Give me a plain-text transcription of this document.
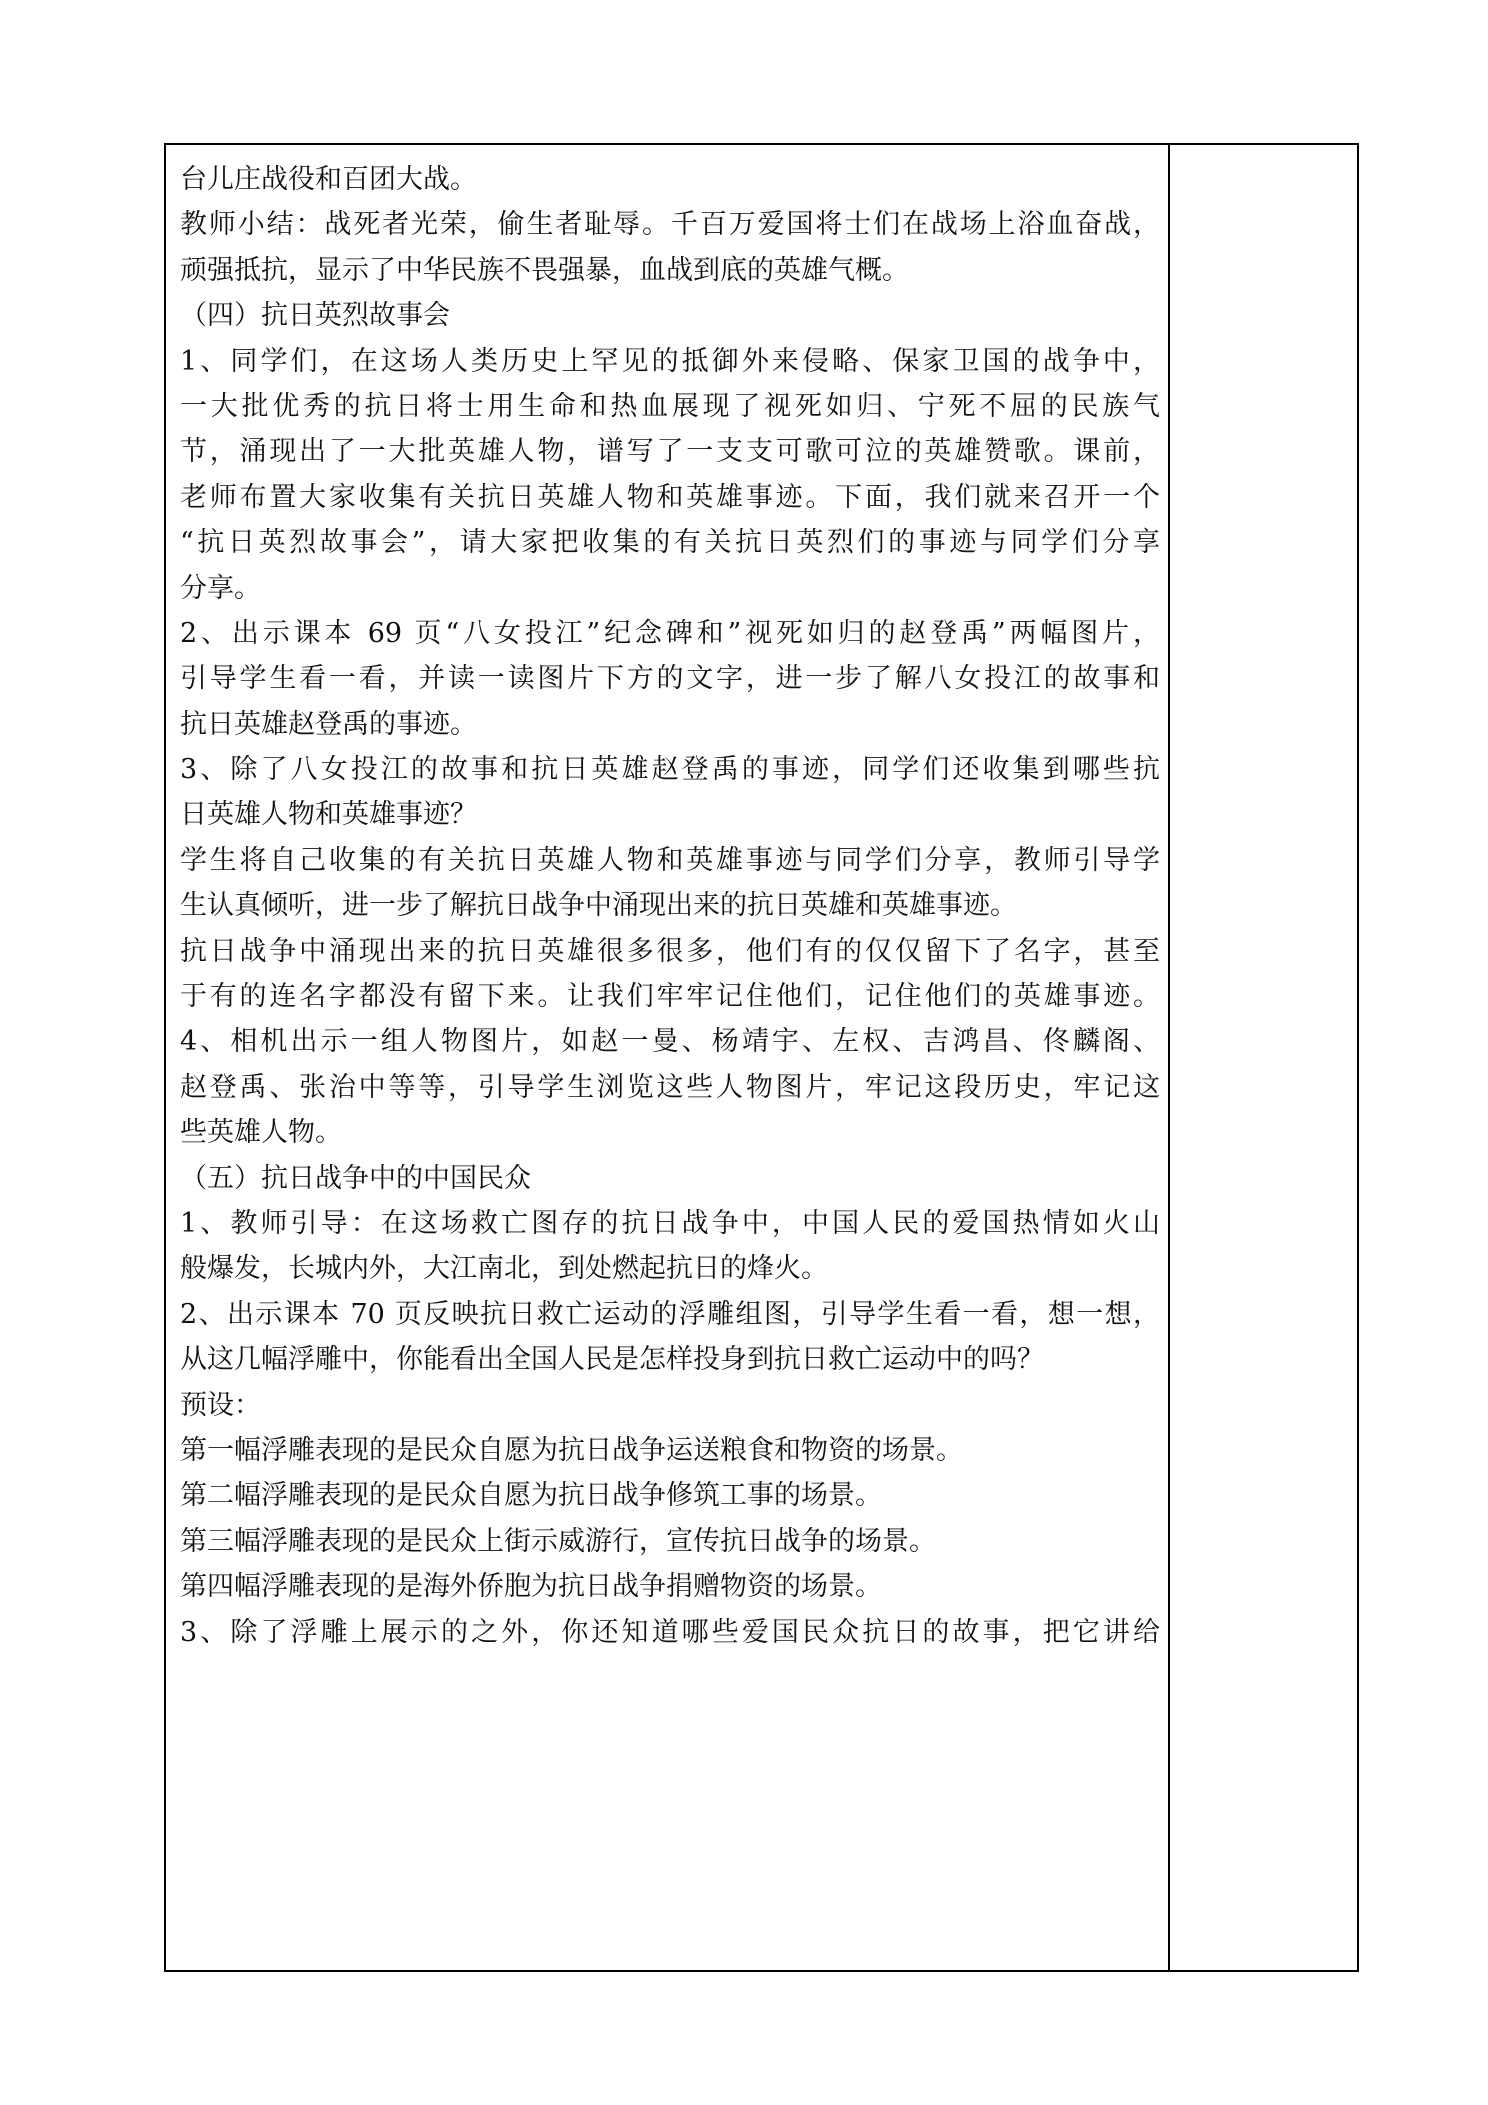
台儿庄战役和百团大战。
教师小结：战死者光荣，偷生者耻辱。千百万爱国将士们在战场上浴血奋战，
顽强抵抗，显示了中华民族不畏强暴，血战到底的英雄气概。
（四）抗日英烈故事会
1、同学们，在这场人类历史上罕见的抵御外来侵略、保家卫国的战争中，
一大批优秀的抗日将士用生命和热血展现了视死如归、宁死不屈的民族气
节，涌现出了一大批英雄人物，谱写了一支支可歌可泣的英雄赞歌。课前，
老师布置大家收集有关抗日英雄人物和英雄事迹。下面，我们就来召开一个
“抗日英烈故事会”，请大家把收集的有关抗日英烈们的事迹与同学们分享
分享。
2、出示课本 69 页“八女投江”纪念碑和”视死如归的赵登禹”两幅图片，
引导学生看一看，并读一读图片下方的文字，进一步了解八女投江的故事和
抗日英雄赵登禹的事迹。
3、除了八女投江的故事和抗日英雄赵登禹的事迹，同学们还收集到哪些抗
日英雄人物和英雄事迹？
学生将自己收集的有关抗日英雄人物和英雄事迹与同学们分享，教师引导学
生认真倾听，进一步了解抗日战争中涌现出来的抗日英雄和英雄事迹。
抗日战争中涌现出来的抗日英雄很多很多，他们有的仅仅留下了名字，甚至
于有的连名字都没有留下来。让我们牢牢记住他们，记住他们的英雄事迹。
4、相机出示一组人物图片，如赵一曼、杨靖宇、左权、吉鸿昌、佟麟阁、
赵登禹、张治中等等，引导学生浏览这些人物图片，牢记这段历史，牢记这
些英雄人物。
（五）抗日战争中的中国民众
1、教师引导：在这场救亡图存的抗日战争中，中国人民的爱国热情如火山
般爆发，长城内外，大江南北，到处燃起抗日的烽火。
2、出示课本 70 页反映抗日救亡运动的浮雕组图，引导学生看一看，想一想，
从这几幅浮雕中，你能看出全国人民是怎样投身到抗日救亡运动中的吗？
预设：
第一幅浮雕表现的是民众自愿为抗日战争运送粮食和物资的场景。
第二幅浮雕表现的是民众自愿为抗日战争修筑工事的场景。
第三幅浮雕表现的是民众上街示威游行，宣传抗日战争的场景。
第四幅浮雕表现的是海外侨胞为抗日战争捐赠物资的场景。
3、除了浮雕上展示的之外，你还知道哪些爱国民众抗日的故事，把它讲给
